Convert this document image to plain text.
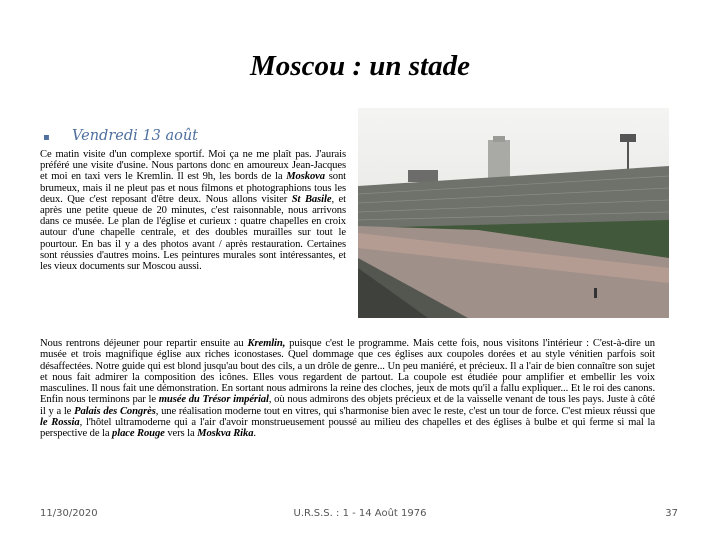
Moscou : un stade
▪ Vendredi 13 août
Ce matin visite d'un complexe sportif. Moi ça ne me plaît pas. J'aurais préféré une visite d'usine. Nous partons donc en amoureux Jean-Jacques et moi en taxi vers le Kremlin. Il est 9h, les bords de la Moskova sont brumeux, mais il ne pleut pas et nous filmons et photographions tous les deux. Que c'est reposant d'être deux. Nous allons visiter St Basile, et après une petite queue de 20 minutes, c'est raisonnable, nous arrivons dans ce musée. Le plan de l'église et curieux : quatre chapelles en croix autour d'une chapelle centrale, et des doubles murailles sur tout le pourtour. En bas il y a des photos avant / après restauration. Certaines sont réussies d'autres moins. Les peintures murales sont intéressantes, et les vieux documents sur Moscou aussi.
Nous rentrons déjeuner pour repartir ensuite au Kremlin, puisque c'est le programme. Mais cette fois, nous visitons l'intérieur : C'est-à-dire un musée et trois magnifique église aux riches iconostases. Quel dommage que ces églises aux coupoles dorées et au style vénitien parfois soit désaffectées. Notre guide qui est blond jusqu'au bout des cils, a un drôle de genre... Un peu maniéré, et précieux. Il a l'air de bien connaître son sujet et nous fait admirer la composition des icônes. Elles vous regardent de partout. La coupole est étudiée pour amplifier et embellir les voix masculines. Il nous fait une démonstration. En sortant nous admirons la reine des cloches, jeux de mots qu'il a fallu expliquer... Et le roi des canons. Enfin nous terminons par le musée du Trésor impérial, où nous admirons des objets précieux et de la vaisselle venant de tous les pays. Juste à côté il y a le Palais des Congrès, une réalisation moderne tout en vitres, qui s'harmonise bien avec le reste, c'est un tour de force. C'est mieux réussi que le Rossia, l'hôtel ultramoderne qui a l'air d'avoir monstrueusement poussé au milieu des chapelles et des églises à bulbe et qui ferme si mal la perspective de la place Rouge vers la Moskva Rika.
11/30/2020	U.R.S.S. : 1 - 14 Août 1976	37
